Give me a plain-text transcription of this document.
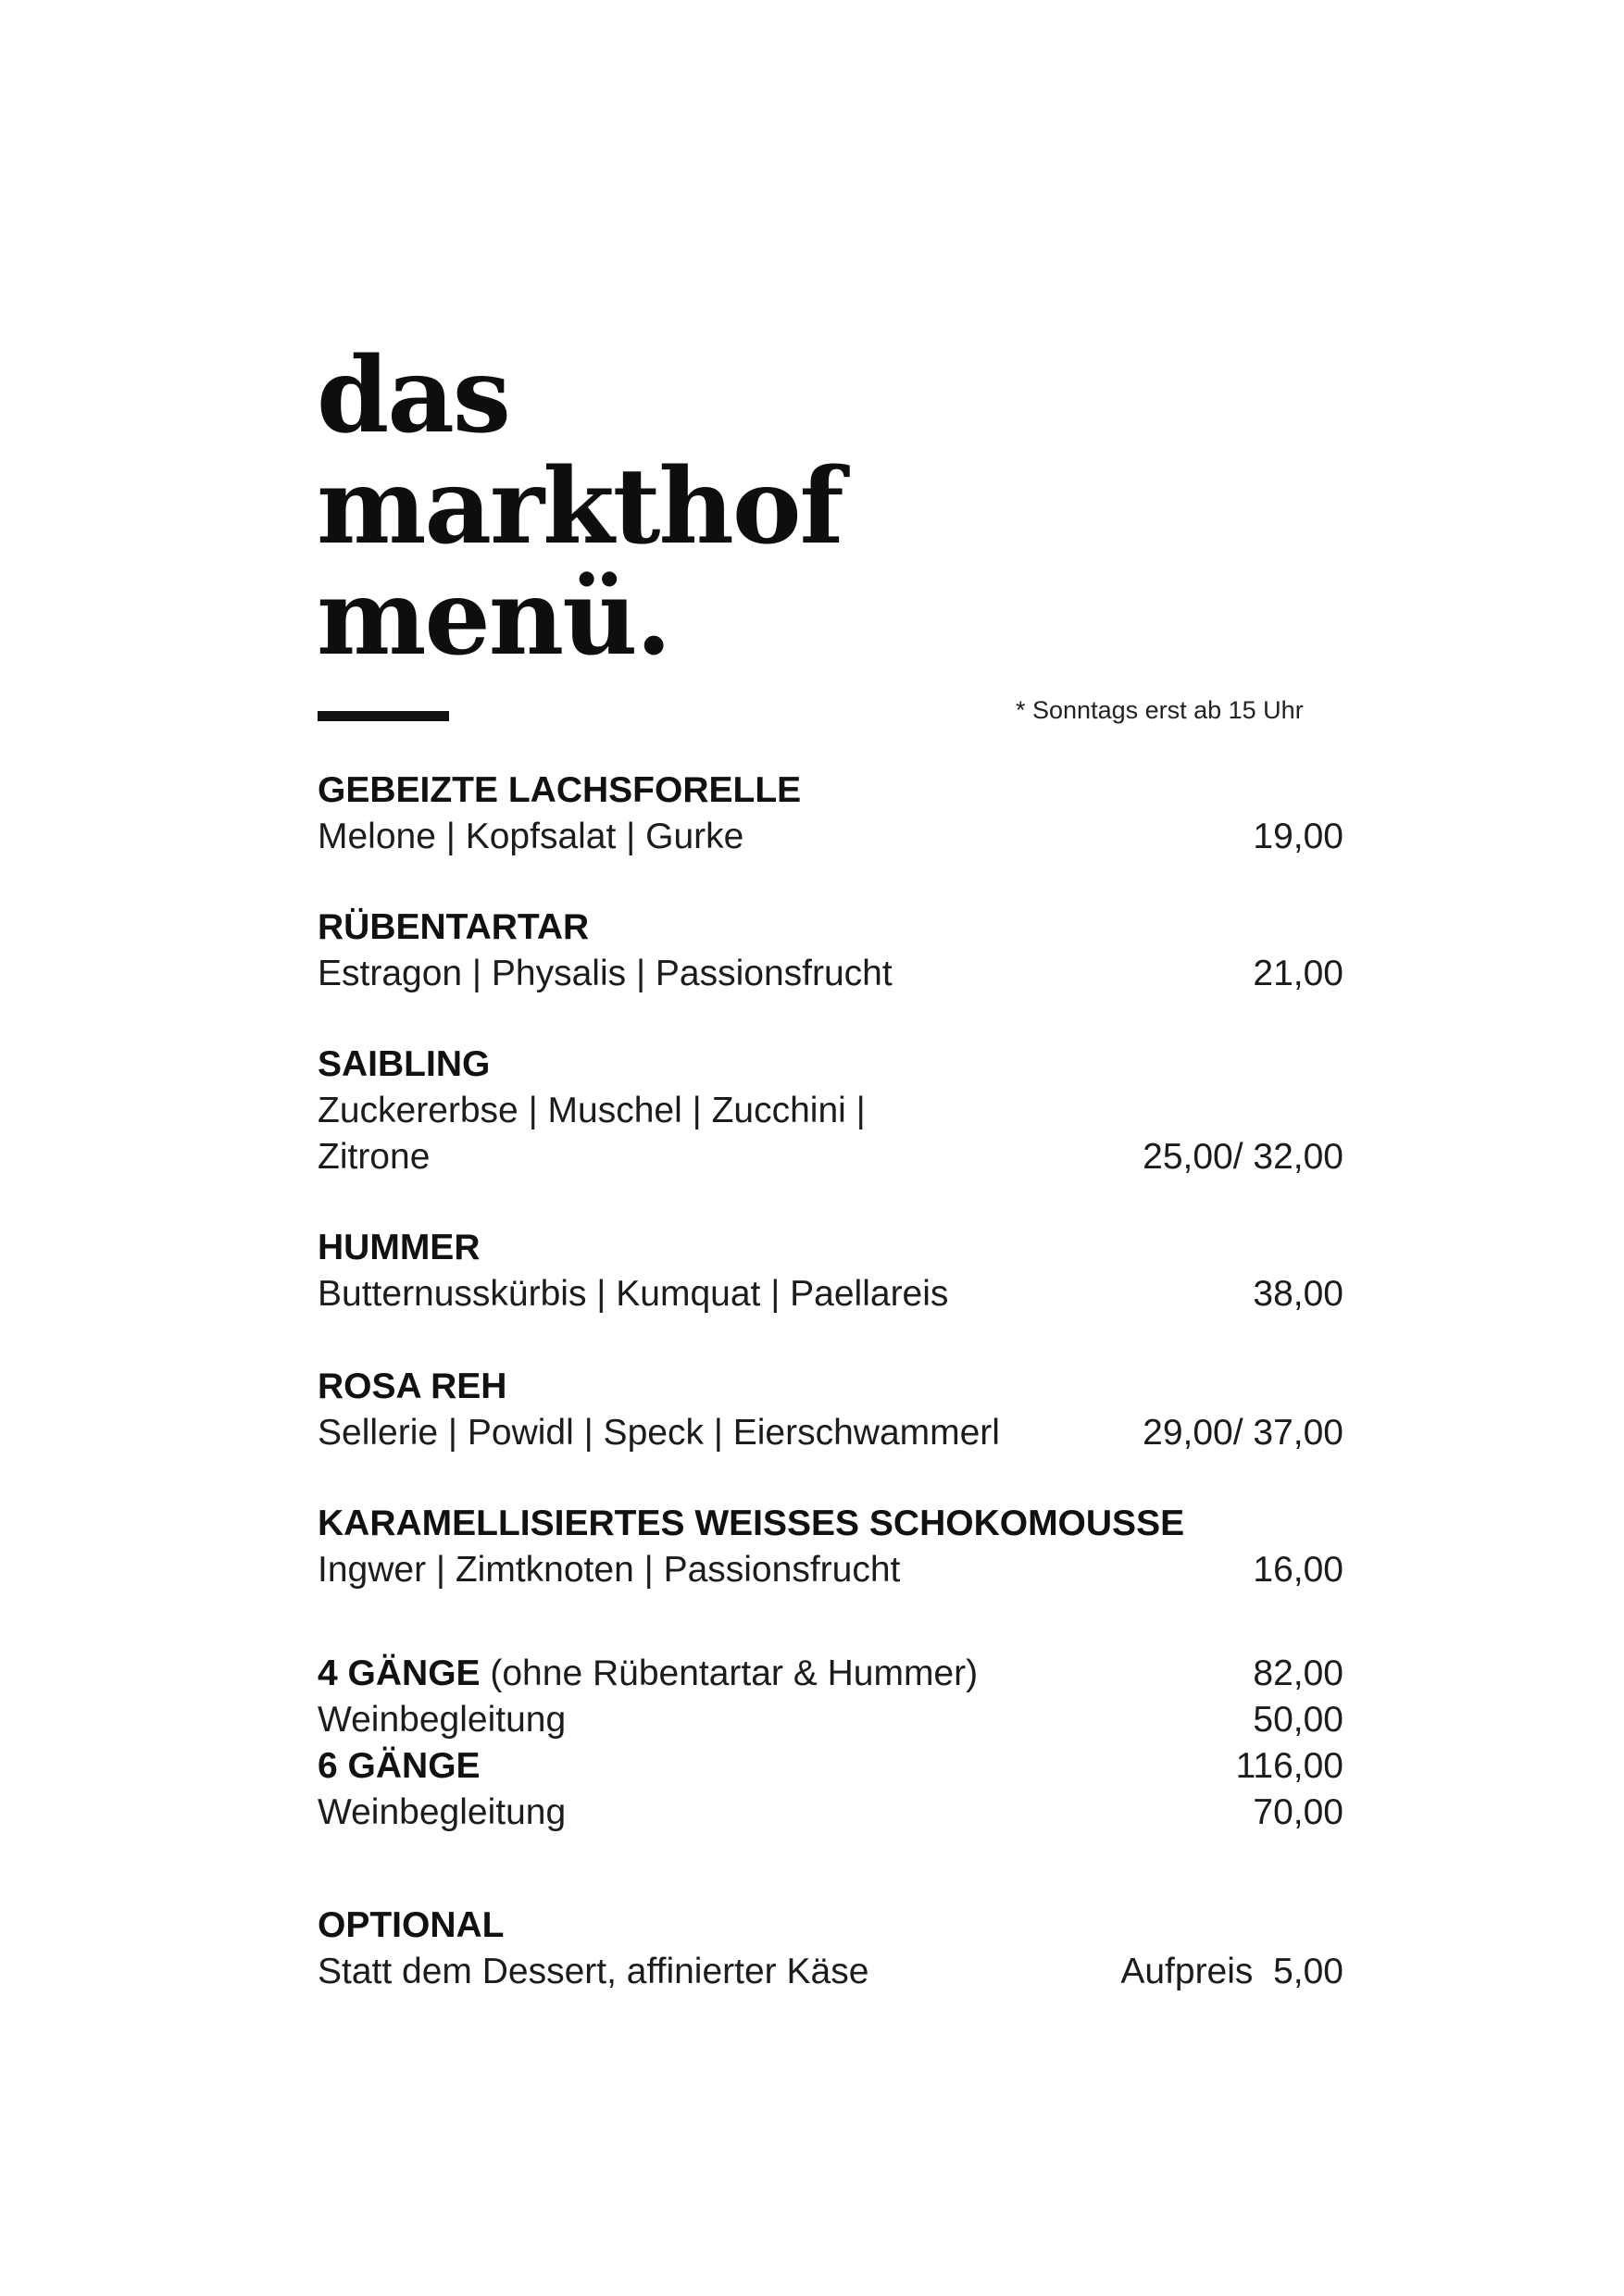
das
markthof
menü.
* Sonntags erst ab 15 Uhr
GEBEIZTE LACHSFORELLE
Melone | Kopfsalat | Gurke	19,00
RÜBENTARTAR
Estragon | Physalis | Passionsfrucht	21,00
SAIBLING
Zuckererbse | Muschel | Zucchini |
Zitrone	25,00/ 32,00
HUMMER
Butternusskürbis | Kumquat | Paellareis	38,00
ROSA REH
Sellerie | Powidl | Speck | Eierschwammerl	29,00/ 37,00
KARAMELLISIERTES WEISSES SCHOKOMOUSSE
Ingwer | Zimtknoten | Passionsfrucht	16,00
4 GÄNGE (ohne Rübentartar & Hummer)	82,00
Weinbegleitung	50,00
6 GÄNGE	116,00
Weinbegleitung	70,00
OPTIONAL
Statt dem Dessert, affinierter Käse	Aufpreis  5,00
